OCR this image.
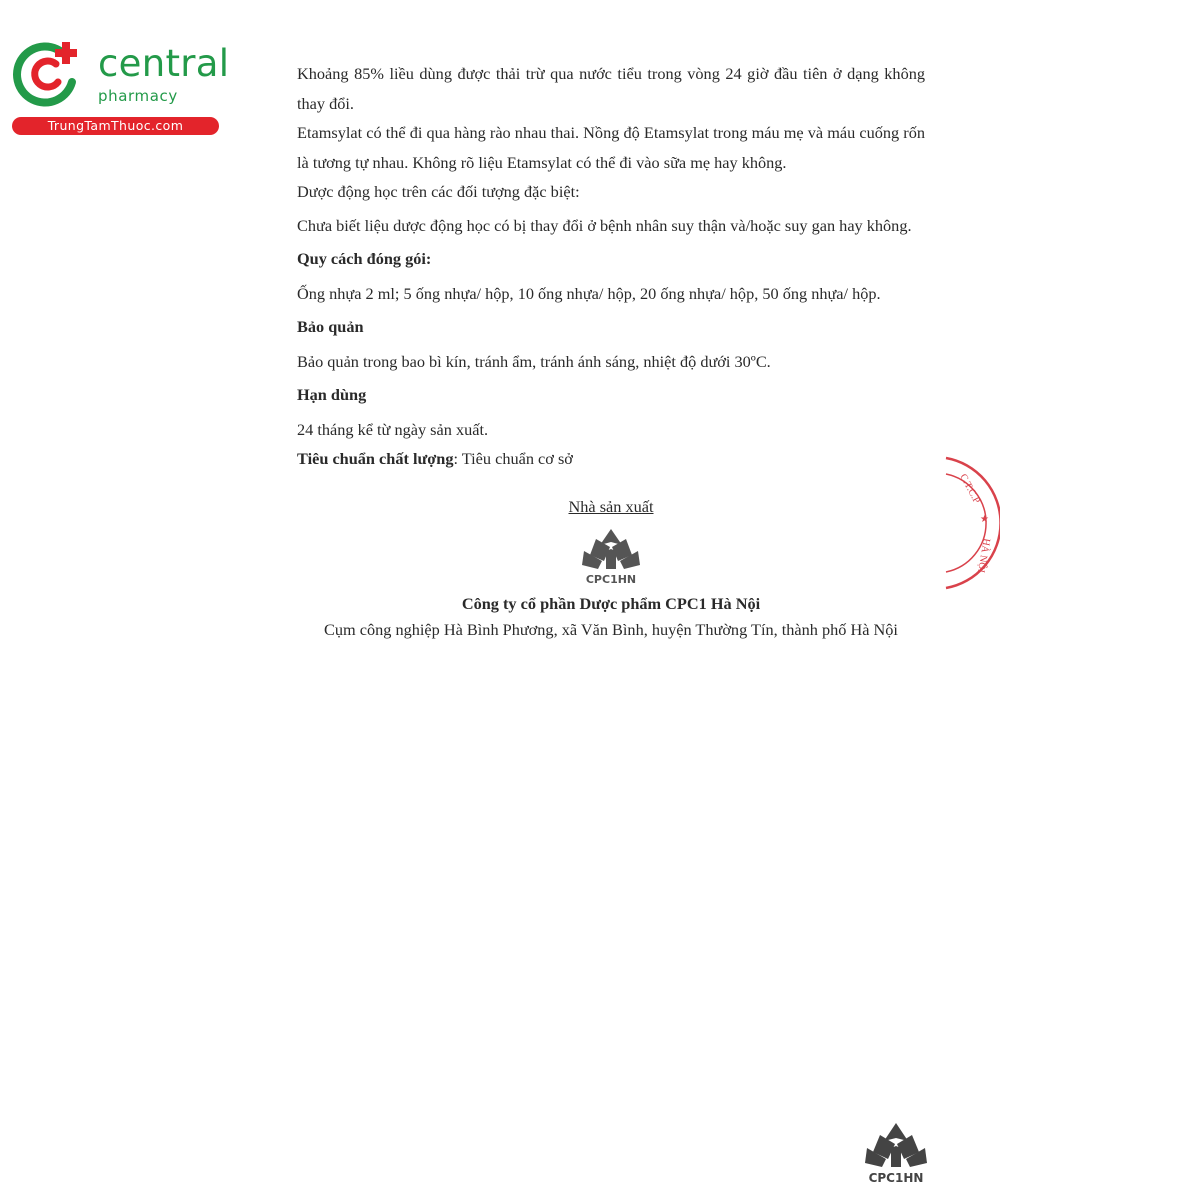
central
pharmacy
TrungTamThuoc.com

Khoảng 85% liều dùng được thải trừ qua nước tiểu trong vòng 24 giờ đầu tiên ở dạng không thay đổi.

Etamsylat có thể đi qua hàng rào nhau thai. Nồng độ Etamsylat trong máu mẹ và máu cuống rốn là tương tự nhau. Không rõ liệu Etamsylat có thể đi vào sữa mẹ hay không.

Dược động học trên các đối tượng đặc biệt:

Chưa biết liệu dược động học có bị thay đổi ở bệnh nhân suy thận và/hoặc suy gan hay không.

Quy cách đóng gói:

Ống nhựa 2 ml; 5 ống nhựa/ hộp, 10 ống nhựa/ hộp, 20 ống nhựa/ hộp, 50 ống nhựa/ hộp.

Bảo quản

Bảo quản trong bao bì kín, tránh ẩm, tránh ánh sáng, nhiệt độ dưới 30ºC.

Hạn dùng

24 tháng kể từ ngày sản xuất.

Tiêu chuẩn chất lượng: Tiêu chuẩn cơ sở

Nhà sản xuất

CPC1HN

Công ty cổ phần Dược phẩm CPC1 Hà Nội

Cụm công nghiệp Hà Bình Phương, xã Văn Bình, huyện Thường Tín, thành phố Hà Nội

C.T.C.P
★
HÀ NỘI
CPC1HN
